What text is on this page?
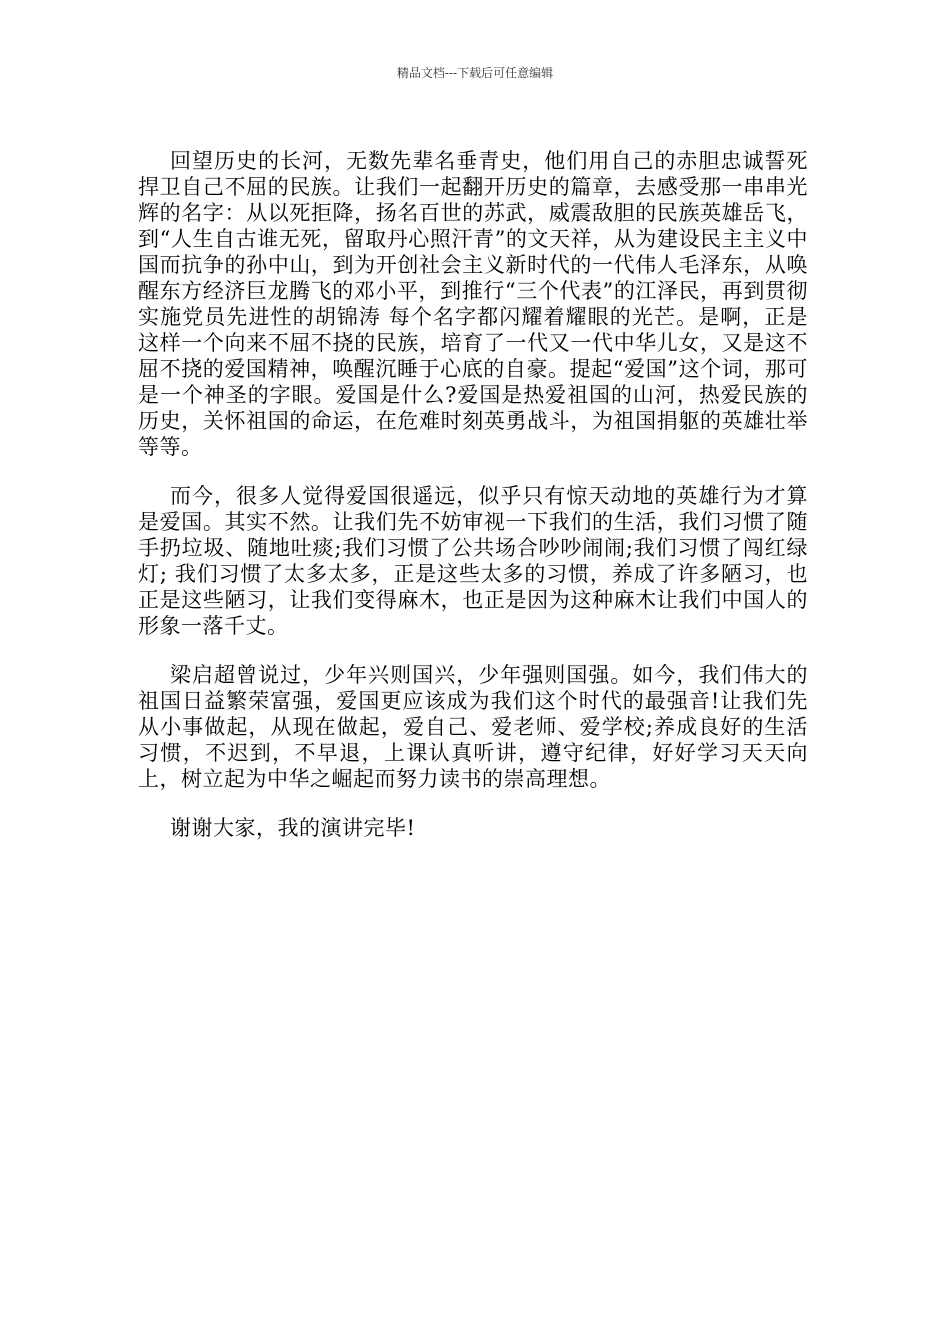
精品文档---下载后可任意编辑

回望历史的长河，无数先辈名垂青史，他们用自己的赤胆忠诚誓死捍卫自己不屈的民族。让我们一起翻开历史的篇章，去感受那一串串光辉的名字：从以死拒降，扬名百世的苏武，威震敌胆的民族英雄岳飞，到“人生自古谁无死，留取丹心照汗青”的文天祥，从为建设民主主义中国而抗争的孙中山，到为开创社会主义新时代的一代伟人毛泽东，从唤醒东方经济巨龙腾飞的邓小平，到推行“三个代表”的江泽民，再到贯彻实施党员先进性的胡锦涛 每个名字都闪耀着耀眼的光芒。是啊，正是这样一个向来不屈不挠的民族，培育了一代又一代中华儿女，又是这不屈不挠的爱国精神，唤醒沉睡于心底的自豪。提起“爱国”这个词，那可是一个神圣的字眼。爱国是什么?爱国是热爱祖国的山河，热爱民族的历史，关怀祖国的命运，在危难时刻英勇战斗，为祖国捐躯的英雄壮举等等。

而今，很多人觉得爱国很遥远，似乎只有惊天动地的英雄行为才算是爱国。其实不然。让我们先不妨审视一下我们的生活，我们习惯了随手扔垃圾、随地吐痰;我们习惯了公共场合吵吵闹闹;我们习惯了闯红绿灯; 我们习惯了太多太多，正是这些太多的习惯，养成了许多陋习，也正是这些陋习，让我们变得麻木，也正是因为这种麻木让我们中国人的形象一落千丈。

梁启超曾说过，少年兴则国兴，少年强则国强。如今，我们伟大的祖国日益繁荣富强，爱国更应该成为我们这个时代的最强音!让我们先从小事做起，从现在做起，爱自己、爱老师、爱学校;养成良好的生活习惯，不迟到，不早退，上课认真听讲，遵守纪律，好好学习天天向上，树立起为中华之崛起而努力读书的崇高理想。

谢谢大家，我的演讲完毕!
